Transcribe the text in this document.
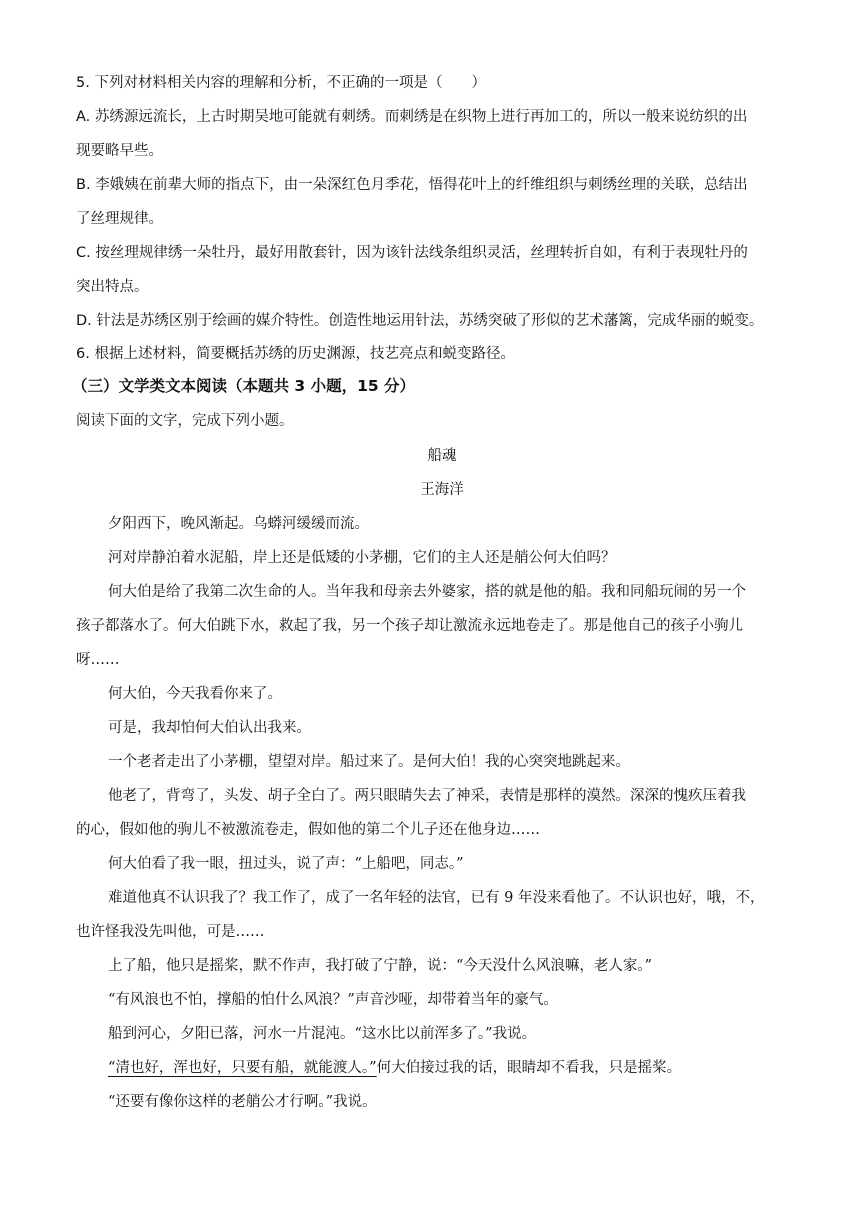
5. 下列对材料相关内容的理解和分析，不正确的一项是（　　）
A. 苏绣源远流长，上古时期吴地可能就有刺绣。而刺绣是在织物上进行再加工的，所以一般来说纺织的出
现要略早些。
B. 李娥姨在前辈大师的指点下，由一朵深红色月季花，悟得花叶上的纤维组织与刺绣丝理的关联，总结出
了丝理规律。
C. 按丝理规律绣一朵牡丹，最好用散套针，因为该针法线条组织灵活，丝理转折自如，有利于表现牡丹的
突出特点。
D. 针法是苏绣区别于绘画的媒介特性。创造性地运用针法，苏绣突破了形似的艺术藩篱，完成华丽的蜕变。
6. 根据上述材料，简要概括苏绣的历史渊源，技艺亮点和蜕变路径。
（三）文学类文本阅读（本题共 3 小题，15 分）
阅读下面的文字，完成下列小题。
船魂
王海洋
夕阳西下，晚风渐起。乌蟒河缓缓而流。
河对岸静泊着水泥船，岸上还是低矮的小茅棚，它们的主人还是艄公何大伯吗？
何大伯是给了我第二次生命的人。当年我和母亲去外婆家，搭的就是他的船。我和同船玩闹的另一个
孩子都落水了。何大伯跳下水，救起了我，另一个孩子却让激流永远地卷走了。那是他自己的孩子小驹儿
呀……
何大伯，今天我看你来了。
可是，我却怕何大伯认出我来。
一个老者走出了小茅棚，望望对岸。船过来了。是何大伯！我的心突突地跳起来。
他老了，背弯了，头发、胡子全白了。两只眼睛失去了神采，表情是那样的漠然。深深的愧疚压着我
的心，假如他的驹儿不被激流卷走，假如他的第二个儿子还在他身边……
何大伯看了我一眼，扭过头，说了声：“上船吧，同志。”
难道他真不认识我了？我工作了，成了一名年轻的法官，已有 9 年没来看他了。不认识也好，哦，不，
也许怪我没先叫他，可是……
上了船，他只是摇桨，默不作声，我打破了宁静，说：“今天没什么风浪嘛，老人家。”
“有风浪也不怕，撑船的怕什么风浪？”声音沙哑，却带着当年的豪气。
船到河心，夕阳已落，河水一片混沌。“这水比以前浑多了。”我说。
“清也好，浑也好，只要有船，就能渡人。”何大伯接过我的话，眼睛却不看我，只是摇桨。
“还要有像你这样的老艄公才行啊。”我说。
